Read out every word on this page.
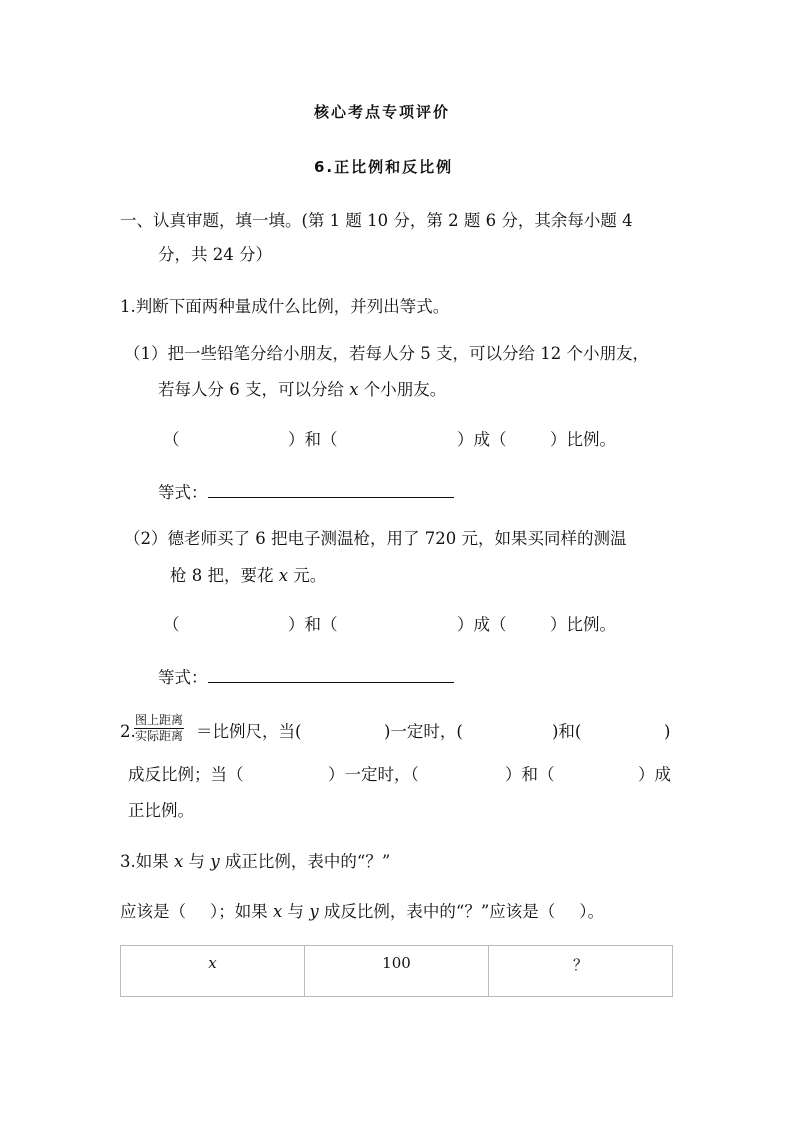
核心考点专项评价
6.正比例和反比例
一、认真审题，填一填。(第 1 题 10 分，第 2 题 6 分，其余每小题 4
分，共 24 分）
1.判断下面两种量成什么比例，并列出等式。
（1）把一些铅笔分给小朋友，若每人分 5 支，可以分给 12 个小朋友，
若每人分 6 支，可以分给 x 个小朋友。
（	）和（	）成（	）比例。
等式：
（2）德老师买了 6 把电子测温枪，用了 720 元，如果买同样的测温
枪 8 把，要花 x 元。
（	）和（	）成（	）比例。
等式：
2.
图上距离
实际距离 ＝比例尺，当(	)一定时，(	)和(	)
成反比例；当（	）一定时，（	）和（	）成
正比例。
3.如果 x 与 y 成正比例，表中的“？”
应该是（ ）；如果 x 与 y 成反比例，表中的“？”应该是（ ）。
x	100	？
